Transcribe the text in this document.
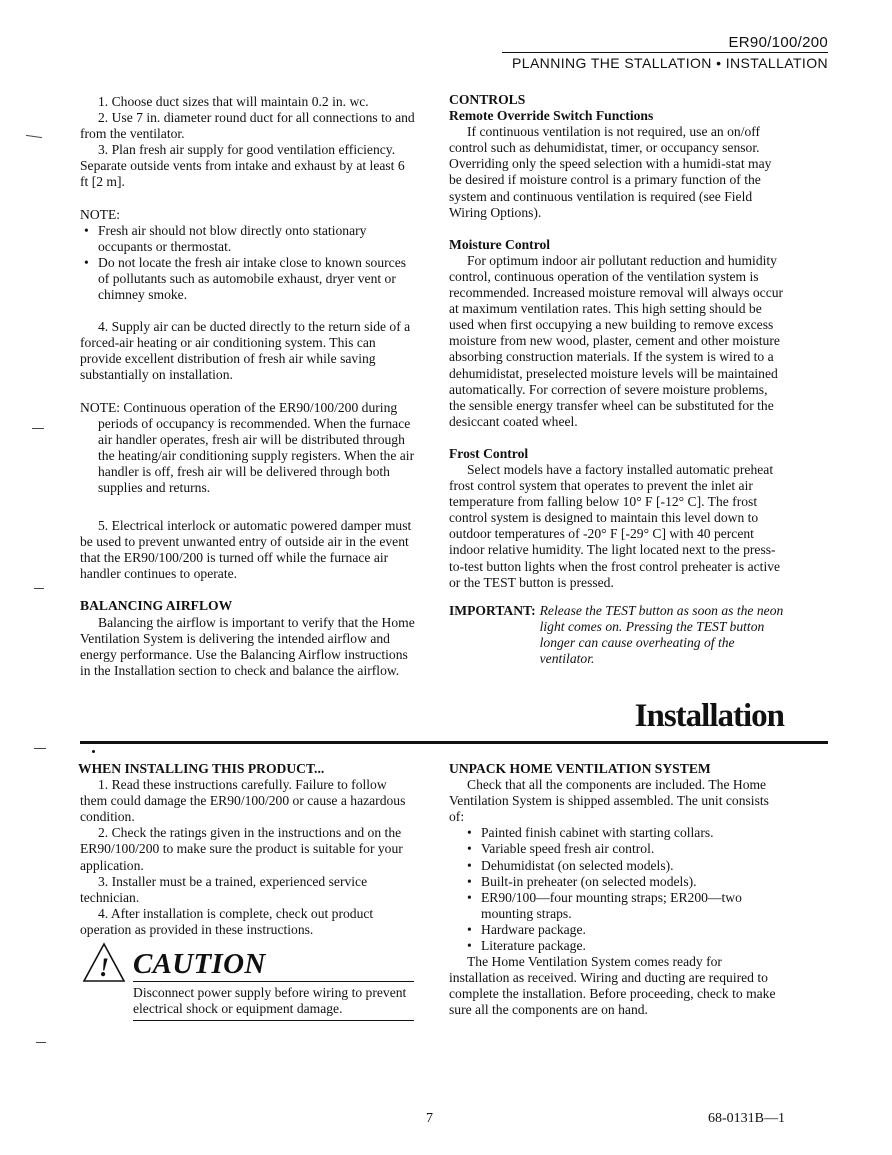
ER90/100/200
PLANNING THE STALLATION • INSTALLATION

1. Choose duct sizes that will maintain 0.2 in. wc.

2. Use 7 in. diameter round duct for all connections to and from the ventilator.

3. Plan fresh air supply for good ventilation efficiency. Separate outside vents from intake and exhaust by at least 6 ft [2 m].

NOTE:

• Fresh air should not blow directly onto stationary occupants or thermostat.
• Do not locate the fresh air intake close to known sources of pollutants such as automobile exhaust, dryer vent or chimney smoke.

4. Supply air can be ducted directly to the return side of a forced-air heating or air conditioning system. This can provide excellent distribution of fresh air while saving substantially on installation.

NOTE: Continuous operation of the ER90/100/200 during periods of occupancy is recommended. When the furnace air handler operates, fresh air will be distributed through the heating/air conditioning supply registers. When the air handler is off, fresh air will be delivered through both supplies and returns.

5. Electrical interlock or automatic powered damper must be used to prevent unwanted entry of outside air in the event that the ER90/100/200 is turned off while the furnace air handler continues to operate.

BALANCING AIRFLOW

Balancing the airflow is important to verify that the Home Ventilation System is delivering the intended airflow and energy performance. Use the Balancing Airflow instructions in the Installation section to check and balance the airflow.

CONTROLS

Remote Override Switch Functions

If continuous ventilation is not required, use an on/off control such as dehumidistat, timer, or occupancy sensor. Overriding only the speed selection with a humidi-stat may be desired if moisture control is a primary function of the system and continuous ventilation is required (see Field Wiring Options).

Moisture Control

For optimum indoor air pollutant reduction and humidity control, continuous operation of the ventilation system is recommended. Increased moisture removal will always occur at maximum ventilation rates. This high setting should be used when first occupying a new building to remove excess moisture from new wood, plaster, cement and other moisture absorbing construction materials. If the system is wired to a dehumidistat, preselected moisture levels will be maintained automatically. For correction of severe moisture problems, the sensible energy transfer wheel can be substituted for the desiccant coated wheel.

Frost Control

Select models have a factory installed automatic preheat frost control system that operates to prevent the inlet air temperature from falling below 10° F [-12° C]. The frost control system is designed to maintain this level down to outdoor temperatures of -20° F [-29° C] with 40 percent indoor relative humidity. The light located next to the press-to-test button lights when the frost control preheater is active or the TEST button is pressed.

IMPORTANT: Release the TEST button as soon as the neon light comes on. Pressing the TEST button longer can cause overheating of the ventilator.
Installation

WHEN INSTALLING THIS PRODUCT...

1. Read these instructions carefully. Failure to follow them could damage the ER90/100/200 or cause a hazardous condition.

2. Check the ratings given in the instructions and on the ER90/100/200 to make sure the product is suitable for your application.

3. Installer must be a trained, experienced service technician.

4. After installation is complete, check out product operation as provided in these instructions.

! CAUTION
Disconnect power supply before wiring to prevent electrical shock or equipment damage.

UNPACK HOME VENTILATION SYSTEM

Check that all the components are included. The Home Ventilation System is shipped assembled. The unit consists of:

• Painted finish cabinet with starting collars.
• Variable speed fresh air control.
• Dehumidistat (on selected models).
• Built-in preheater (on selected models).
• ER90/100—four mounting straps; ER200—two mounting straps.
• Hardware package.
• Literature package.

The Home Ventilation System comes ready for installation as received. Wiring and ducting are required to complete the installation. Before proceeding, check to make sure all the components are on hand.

7	68-0131B—1
